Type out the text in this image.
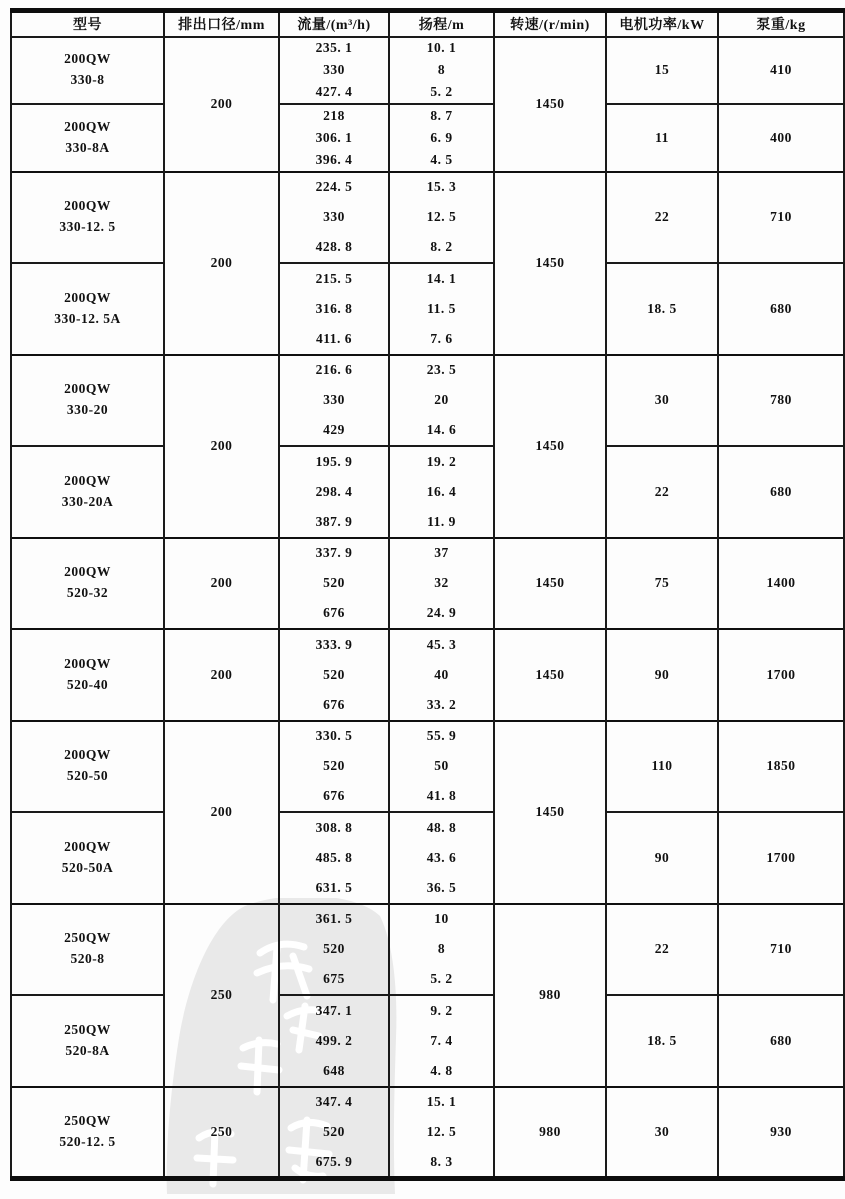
型号	排出口径/mm	流量/(m³/h)	扬程/m	转速/(r/min)	电机功率/kW	泵重/kg

200QW
330-8	200	235. 1	10. 1	1450	15	410
		330	8			
		427. 4	5. 2			

200QW
330-8A		218	8. 7		11	400
		306. 1	6. 9			
		396. 4	4. 5			

200QW
330-12. 5	200	224. 5	15. 3	1450	22	710
		330	12. 5			
		428. 8	8. 2			

200QW
330-12. 5A		215. 5	14. 1		18. 5	680
		316. 8	11. 5			
		411. 6	7. 6			

200QW
330-20	200	216. 6	23. 5	1450	30	780
		330	20			
		429	14. 6			

200QW
330-20A		195. 9	19. 2		22	680
		298. 4	16. 4			
		387. 9	11. 9			

200QW
520-32	200	337. 9	37	1450	75	1400
		520	32			
		676	24. 9			

200QW
520-40	200	333. 9	45. 3	1450	90	1700
		520	40			
		676	33. 2			

200QW
520-50	200	330. 5	55. 9	1450	110	1850
		520	50			
		676	41. 8			

200QW
520-50A		308. 8	48. 8		90	1700
		485. 8	43. 6			
		631. 5	36. 5			

250QW
520-8	250	361. 5	10	980	22	710
		520	8			
		675	5. 2			

250QW
520-8A		347. 1	9. 2		18. 5	680
		499. 2	7. 4			
		648	4. 8			

250QW
520-12. 5	250	347. 4	15. 1	980	30	930
		520	12. 5			
		675. 9	8. 3			
